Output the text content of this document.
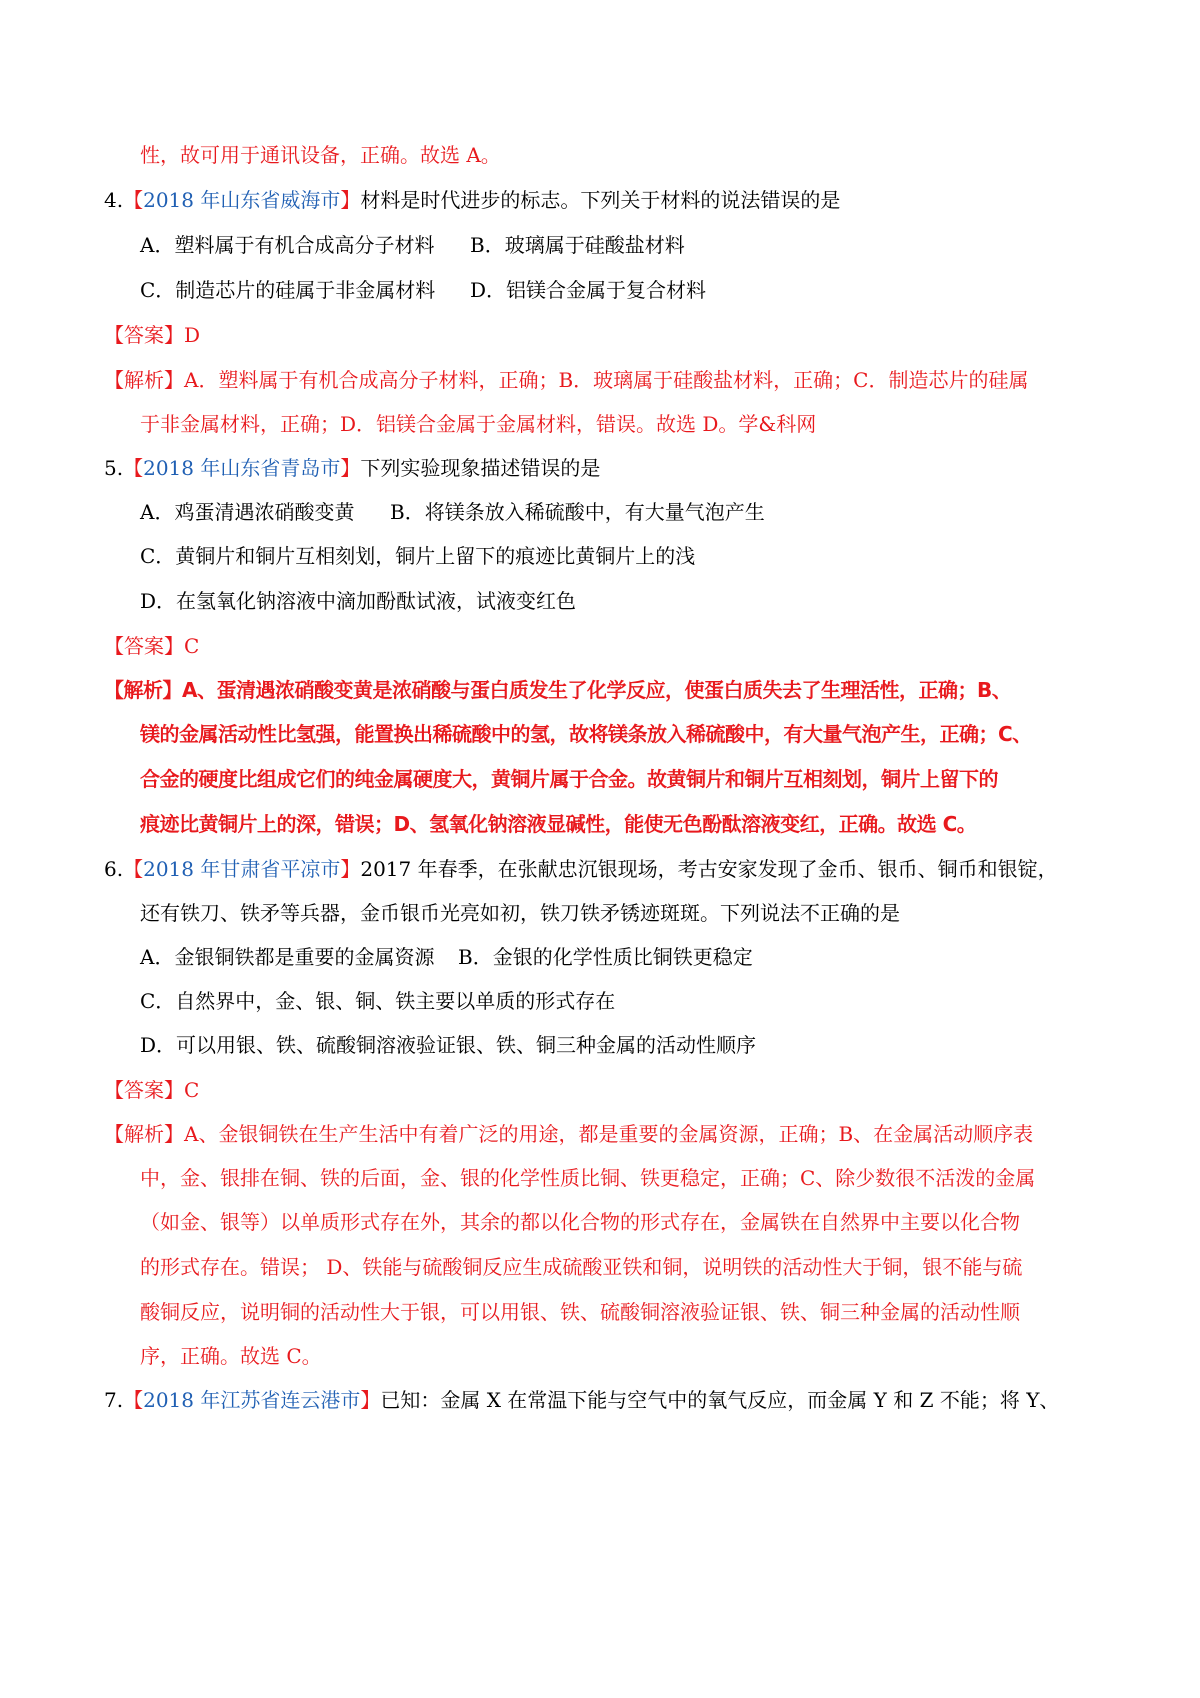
性，故可用于通讯设备，正确。故选 A。
4.【2018 年山东省威海市】材料是时代进步的标志。下列关于材料的说法错误的是
A．塑料属于有机合成高分子材料 B．玻璃属于硅酸盐材料
C．制造芯片的硅属于非金属材料 D．铝镁合金属于复合材料
【答案】D
【解析】A．塑料属于有机合成高分子材料，正确；B．玻璃属于硅酸盐材料，正确；C．制造芯片的硅属
于非金属材料，正确；D．铝镁合金属于金属材料，错误。故选 D。学&科网
5.【2018 年山东省青岛市】下列实验现象描述错误的是
A．鸡蛋清遇浓硝酸变黄 B．将镁条放入稀硫酸中，有大量气泡产生
C．黄铜片和铜片互相刻划，铜片上留下的痕迹比黄铜片上的浅
D．在氢氧化钠溶液中滴加酚酞试液，试液变红色
【答案】C
【解析】A、蛋清遇浓硝酸变黄是浓硝酸与蛋白质发生了化学反应，使蛋白质失去了生理活性，正确；B、
镁的金属活动性比氢强，能置换出稀硫酸中的氢，故将镁条放入稀硫酸中，有大量气泡产生，正确；C、
合金的硬度比组成它们的纯金属硬度大，黄铜片属于合金。故黄铜片和铜片互相刻划，铜片上留下的
痕迹比黄铜片上的深，错误；D、氢氧化钠溶液显碱性，能使无色酚酞溶液变红，正确。故选 C。
6.【2018 年甘肃省平凉市】2017 年春季，在张献忠沉银现场，考古安家发现了金币、银币、铜币和银锭，
还有铁刀、铁矛等兵器，金币银币光亮如初，铁刀铁矛锈迹斑斑。下列说法不正确的是
A．金银铜铁都是重要的金属资源 B．金银的化学性质比铜铁更稳定
C．自然界中，金、银、铜、铁主要以单质的形式存在
D．可以用银、铁、硫酸铜溶液验证银、铁、铜三种金属的活动性顺序
【答案】C
【解析】A、金银铜铁在生产生活中有着广泛的用途，都是重要的金属资源，正确；B、在金属活动顺序表
中，金、银排在铜、铁的后面，金、银的化学性质比铜、铁更稳定，正确；C、除少数很不活泼的金属
（如金、银等）以单质形式存在外，其余的都以化合物的形式存在，金属铁在自然界中主要以化合物
的形式存在。错误； D、铁能与硫酸铜反应生成硫酸亚铁和铜，说明铁的活动性大于铜，银不能与硫
酸铜反应，说明铜的活动性大于银，可以用银、铁、硫酸铜溶液验证银、铁、铜三种金属的活动性顺
序，正确。故选 C。
7.【2018 年江苏省连云港市】已知：金属 X 在常温下能与空气中的氧气反应，而金属 Y 和 Z 不能；将 Y、
